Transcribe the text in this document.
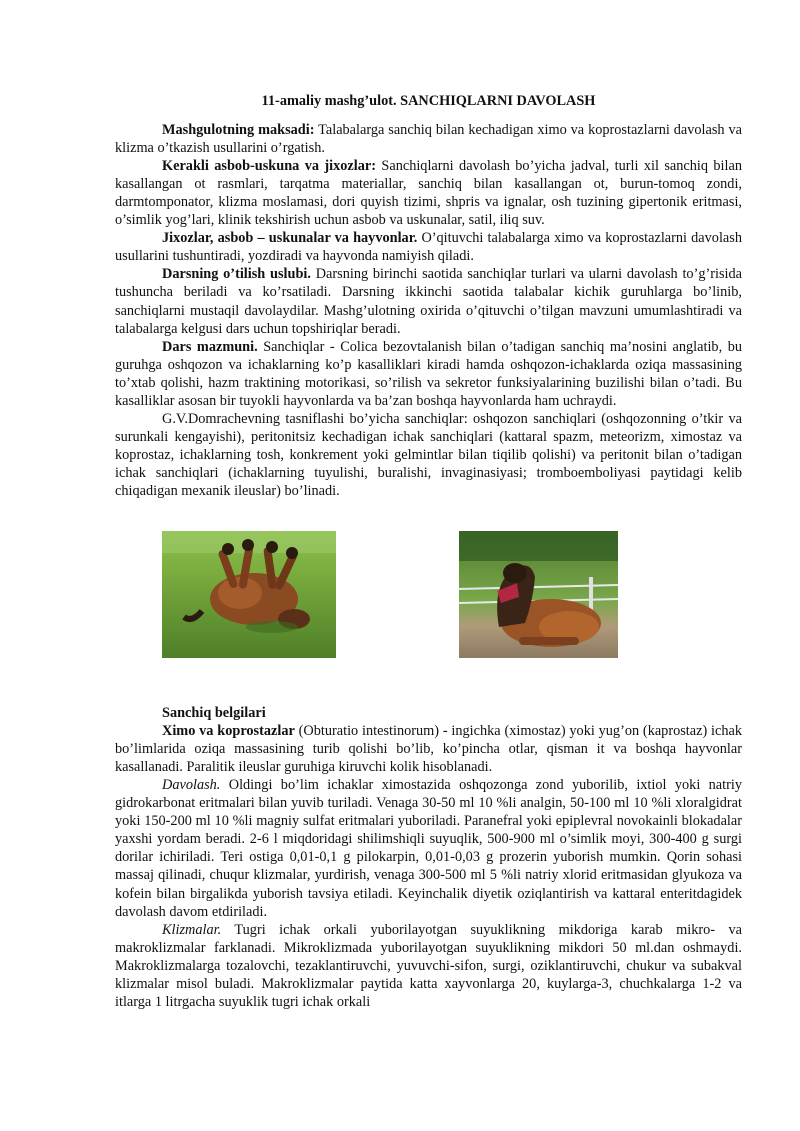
11-amaliy mashg’ulot. SANCHIQLARNI DAVOLASH

Mashgulotning maksadi: Talabalarga sanchiq bilan kechadigan ximo va koprostazlarni davolash va klizma o’tkazish usullarini o’rgatish.

Kerakli asbob-uskuna va jixozlar: Sanchiqlarni davolash bo’yicha jadval, turli xil sanchiq bilan kasallangan ot rasmlari, tarqatma materiallar, sanchiq bilan kasallangan ot, burun-tomoq zondi, darmtomponator, klizma moslamasi, dori quyish tizimi, shpris va ignalar, osh tuzining gipertonik eritmasi, o’simlik yog’lari, klinik tekshirish uchun asbob va uskunalar, satil, iliq suv.

Jixozlar, asbob – uskunalar va hayvonlar. O’qituvchi talabalarga ximo va koprostazlarni davolash usullarini tushuntiradi, yozdiradi va hayvonda namiyish qiladi.

Darsning o’tilish uslubi. Darsning birinchi saotida sanchiqlar turlari va ularni davolash to’g’risida tushuncha beriladi va ko’rsatiladi. Darsning ikkinchi saotida talabalar kichik guruhlarga bo’linib, sanchiqlarni mustaqil davolaydilar. Mashg’ulotning oxirida o’qituvchi o’tilgan mavzuni umumlashtiradi va talabalarga kelgusi dars uchun topshiriqlar beradi.

Dars mazmuni. Sanchiqlar - Colica bezovtalanish bilan o’tadigan sanchiq ma’nosini anglatib, bu guruhga oshqozon va ichaklarning ko’p kasalliklari kiradi hamda oshqozon-ichaklarda oziqa massasining to’xtab qolishi, hazm traktining motorikasi, so’rilish va sekretor funksiyalarining buzilishi bilan o’tadi. Bu kasalliklar asosan bir tuyokli hayvonlarda va ba’zan boshqa hayvonlarda ham uchraydi.

G.V.Domrachevning tasniflashi bo’yicha sanchiqlar: oshqozon sanchiqlari (oshqozonning o’tkir va surunkali kengayishi), peritonitsiz kechadigan ichak sanchiqlari (kattaral spazm, meteorizm, ximostaz va koprostaz, ichaklarning tosh, konkrement yoki gelmintlar bilan tiqilib qolishi) va peritonit bilan o’tadigan ichak sanchiqlari (ichaklarning tuyulishi, buralishi, invaginasiyasi; tromboemboliyasi paytidagi kelib chiqadigan mexanik ileuslar) bo’linadi.

Sanchiq belgilari

Ximo va koprostazlar (Obturatio intestinorum) - ingichka (ximostaz) yoki yug’on (kaprostaz) ichak bo’limlarida oziqa massasining turib qolishi bo’lib, ko’pincha otlar, qisman it va boshqa hayvonlar kasallanadi. Paralitik ileuslar guruhiga kiruvchi kolik hisoblanadi.

Davolash. Oldingi bo’lim ichaklar ximostazida oshqozonga zond yuborilib, ixtiol yoki natriy gidrokarbonat eritmalari bilan yuvib turiladi. Venaga 30-50 ml 10 %li analgin, 50-100 ml 10 %li xloralgidrat yoki 150-200 ml 10 %li magniy sulfat eritmalari yuboriladi. Paranefral yoki epiplevral novokainli blokadalar yaxshi yordam beradi. 2-6 l miqdoridagi shilimshiqli suyuqlik, 500-900 ml o’simlik moyi, 300-400 g surgi dorilar ichiriladi. Teri ostiga 0,01-0,1 g pilokarpin, 0,01-0,03 g prozerin yuborish mumkin. Qorin sohasi massaj qilinadi, chuqur klizmalar, yurdirish, venaga 300-500 ml 5 %li natriy xlorid eritmasidan glyukoza va kofein bilan birgalikda yuborish tavsiya etiladi. Keyinchalik diyetik oziqlantirish va kattaral enteritdagidek davolash davom etdiriladi.

Klizmalar. Tugri ichak orkali yuborilayotgan suyuklikning mikdoriga karab mikro- va makroklizmalar farklanadi. Mikroklizmada yuborilayotgan suyuklikning mikdori 50 ml.dan oshmaydi. Makroklizmalarga tozalovchi, tezaklantiruvchi, yuvuvchi-sifon, surgi, oziklantiruvchi, chukur va subakval klizmalar misol buladi. Makroklizmalar paytida katta xayvonlarga 20, kuylarga-3, chuchkalarga 1-2 va itlarga 1 litrgacha suyuklik tugri ichak orkali
